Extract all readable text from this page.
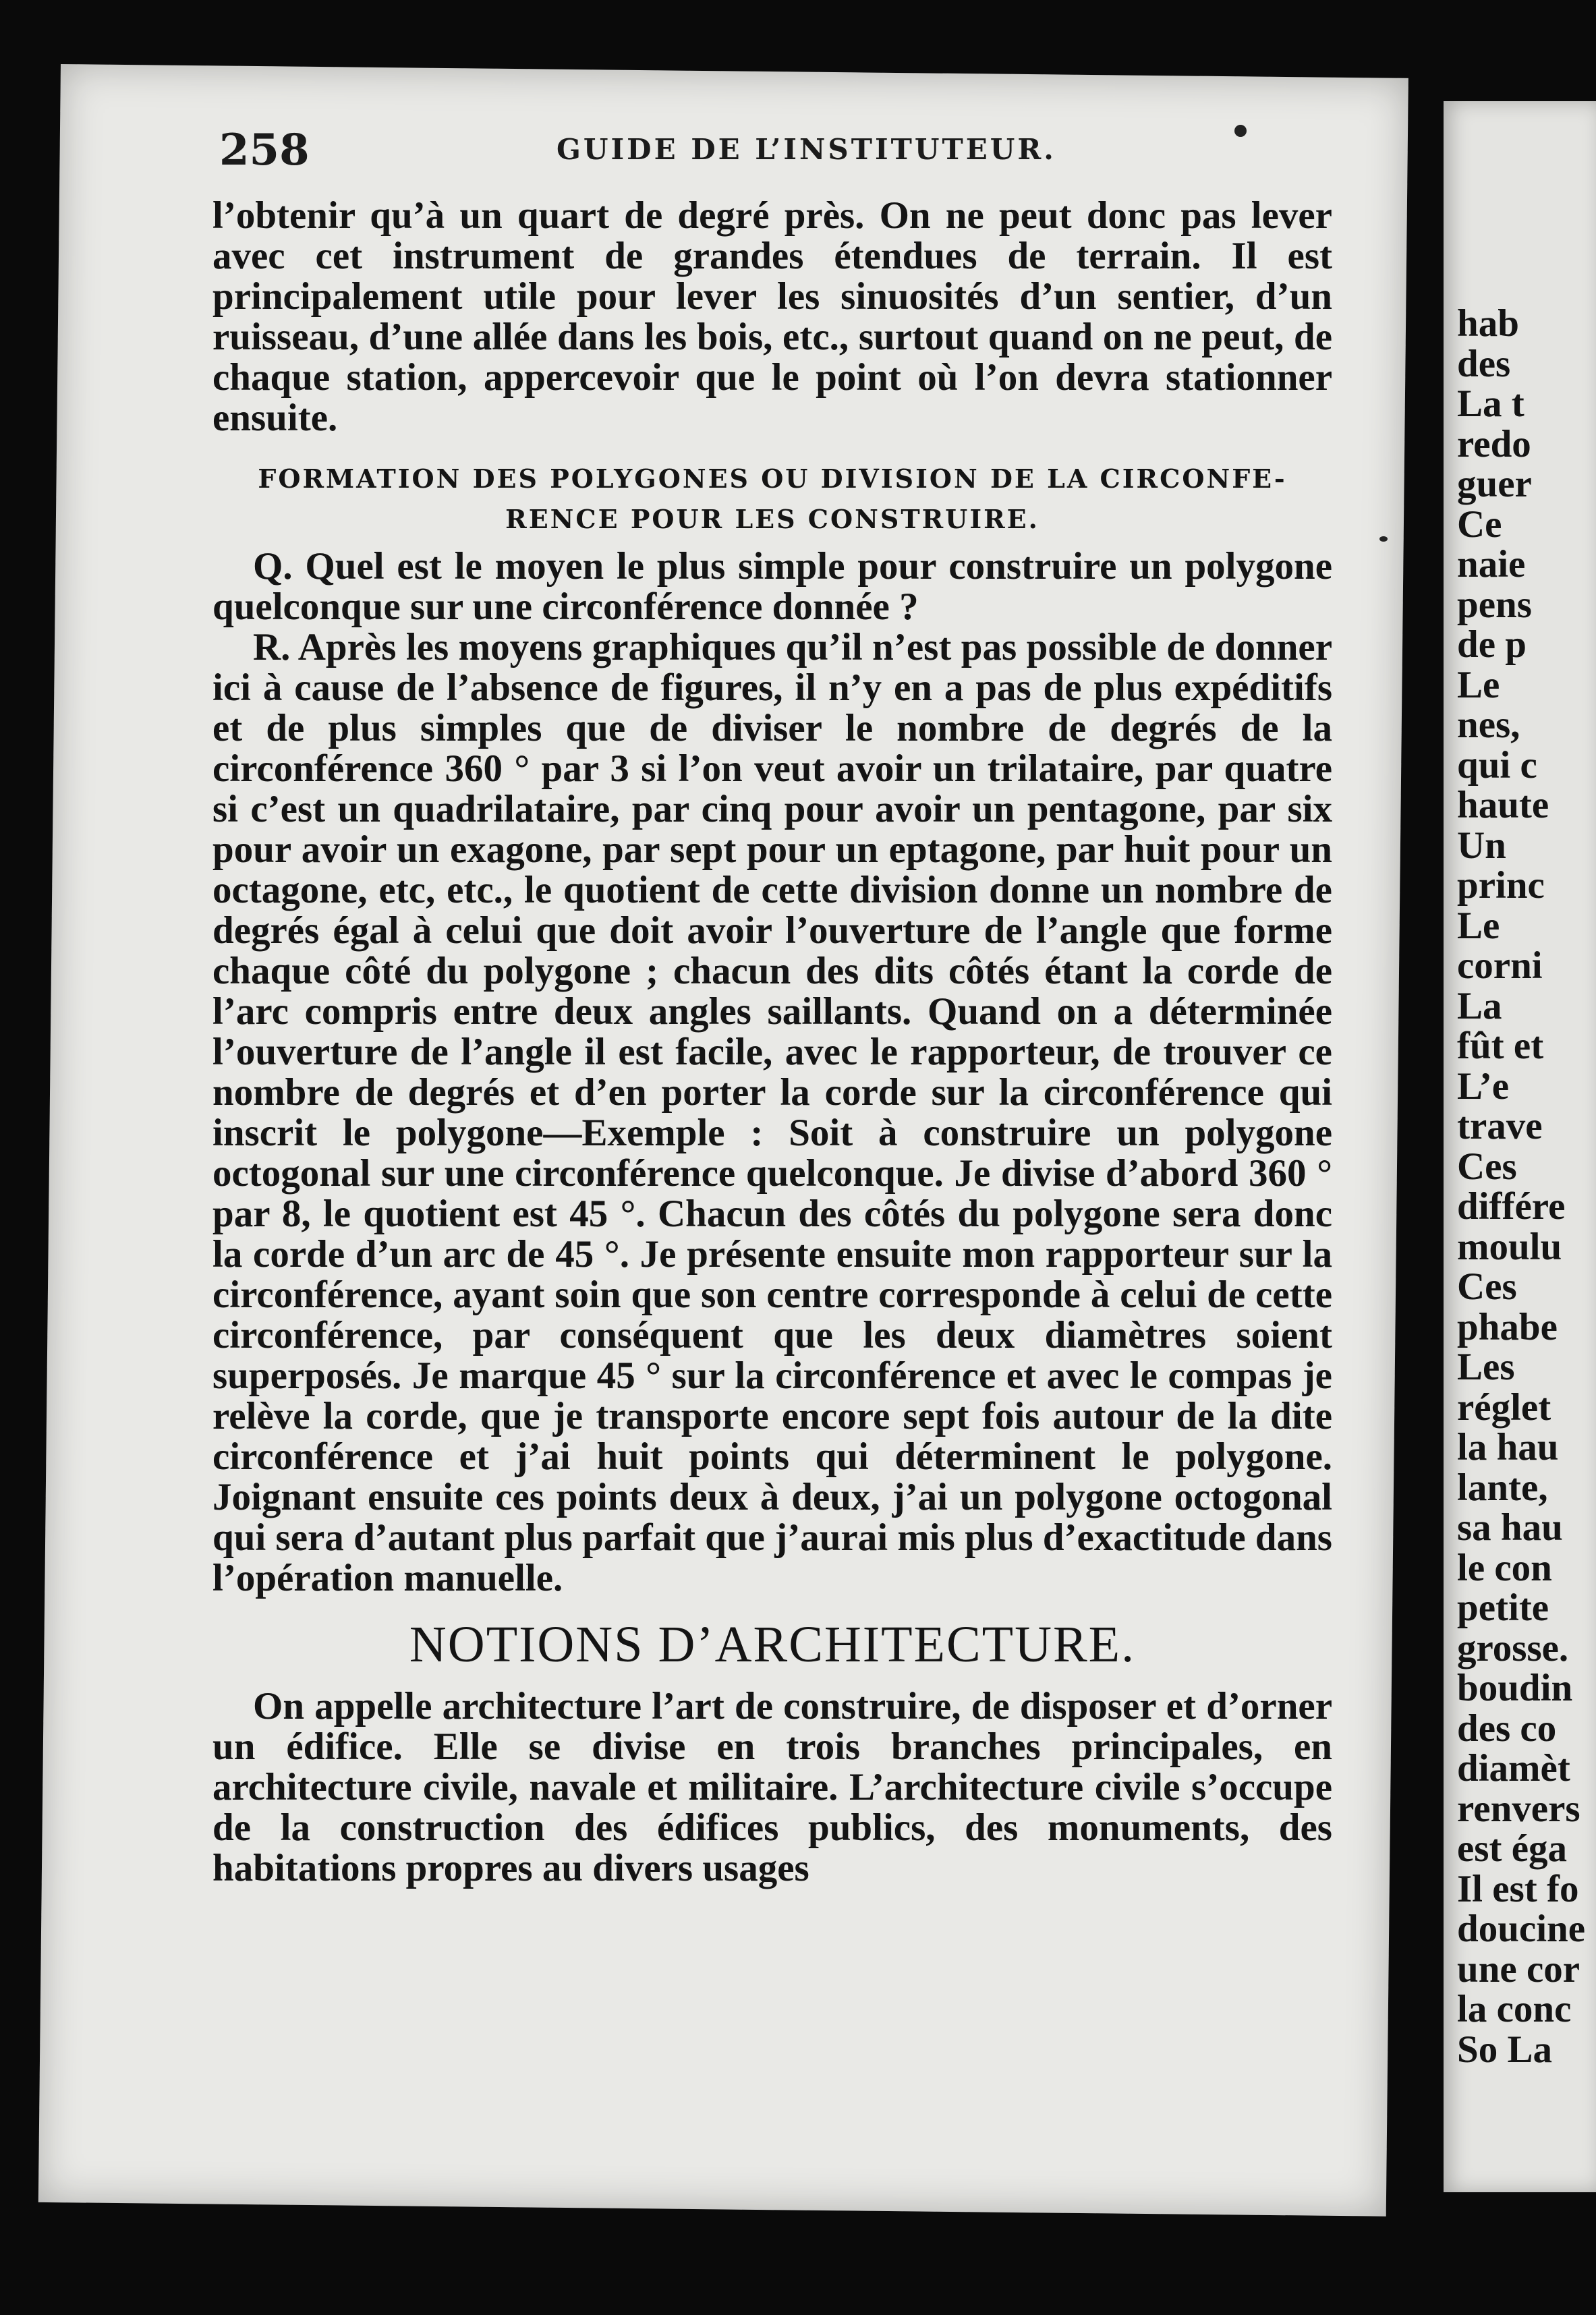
258	GUIDE DE L’INSTITUTEUR.

l’obtenir qu’à un quart de degré près. On ne peut donc pas lever avec cet instrument de grandes étendues de terrain. Il est principalement utile pour lever les sinuosités d’un sentier, d’un ruisseau, d’une allée dans les bois, etc., surtout quand on ne peut, de chaque station, appercevoir que le point où l’on devra stationner ensuite.

FORMATION DES POLYGONES OU DIVISION DE LA CIRCONFE-
RENCE POUR LES CONSTRUIRE.

Q. Quel est le moyen le plus simple pour construire un polygone quelconque sur une circonférence donnée ?

R. Après les moyens graphiques qu’il n’est pas possible de donner ici à cause de l’absence de figures, il n’y en a pas de plus expéditifs et de plus simples que de diviser le nombre de degrés de la circonférence 360 ° par 3 si l’on veut avoir un trilataire, par quatre si c’est un quadrilataire, par cinq pour avoir un pentagone, par six pour avoir un exagone, par sept pour un eptagone, par huit pour un octagone, etc, etc., le quotient de cette division donne un nombre de degrés égal à celui que doit avoir l’ouverture de l’angle que forme chaque côté du polygone ; chacun des dits côtés étant la corde de l’arc compris entre deux angles saillants. Quand on a déterminée l’ouverture de l’angle il est facile, avec le rapporteur, de trouver ce nombre de degrés et d’en porter la corde sur la circonférence qui inscrit le polygone—Exemple : Soit à construire un polygone octogonal sur une circonférence quelconque. Je divise d’abord 360 ° par 8, le quotient est 45 °. Chacun des côtés du polygone sera donc la corde d’un arc de 45 °. Je présente ensuite mon rapporteur sur la circonférence, ayant soin que son centre corresponde à celui de cette circonférence, par conséquent que les deux diamètres soient superposés. Je marque 45 ° sur la circonférence et avec le compas je relève la corde, que je transporte encore sept fois autour de la dite circonférence et j’ai huit points qui déterminent le polygone. Joignant ensuite ces points deux à deux, j’ai un polygone octogonal qui sera d’autant plus parfait que j’aurai mis plus d’exactitude dans l’opération manuelle.

NOTIONS D’ARCHITECTURE.

On appelle architecture l’art de construire, de disposer et d’orner un édifice. Elle se divise en trois branches principales, en architecture civile, navale et militaire. L’architecture civile s’occupe de la construction des édifices publics, des monuments, des habitations propres au divers usages

hab
des
La t
redo
guer
Ce
naie
pens
de p
Le
nes,
qui c
haute
Un
princ
Le
corni
La
fût et
L’e
trave
Ces
différe
moulu
Ces
phabe
Les
réglet
la hau
lante,
sa hau
le con
petite
grosse.
boudin
des co
diamèt
renvers
est éga
Il est fo
doucine
une cor
la conc
So La
